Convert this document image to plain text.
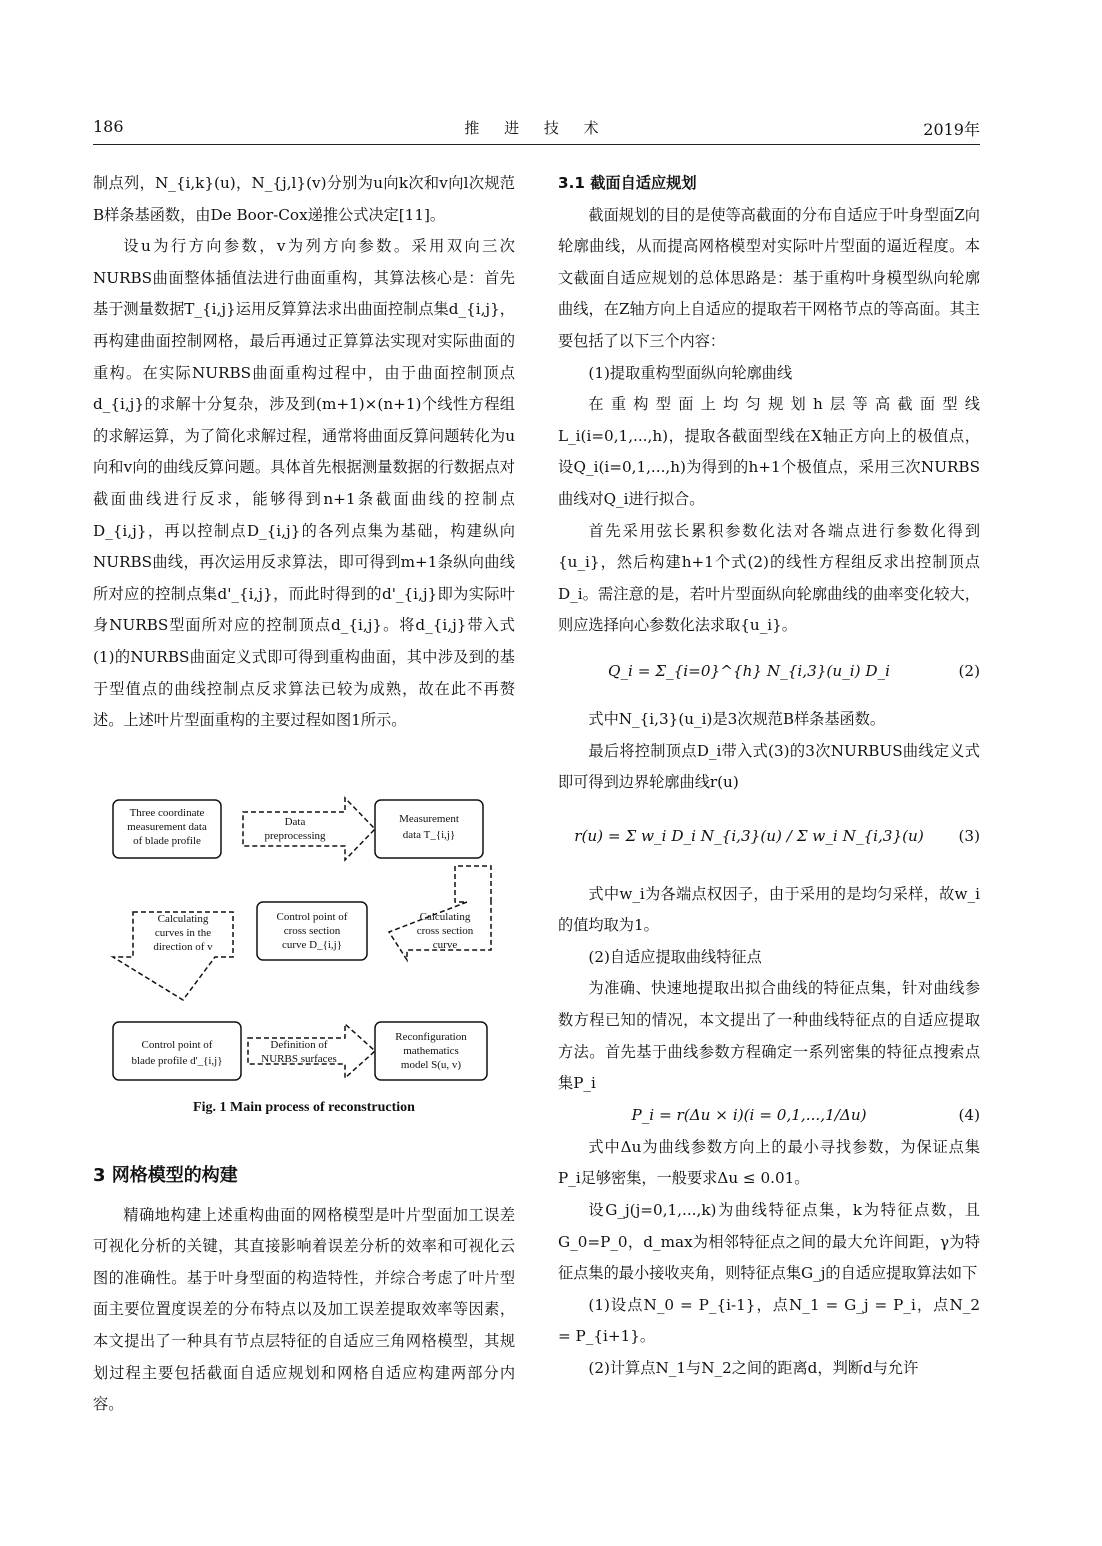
186	推 进 技 术	2019年

制点列，N_{i,k}(u)，N_{j,l}(v)分别为u向k次和v向l次规范B样条基函数，由De Boor-Cox递推公式决定[11]。

设u为行方向参数，v为列方向参数。采用双向三次NURBS曲面整体插值法进行曲面重构，其算法核心是：首先基于测量数据T_{i,j}运用反算算法求出曲面控制点集d_{i,j}，再构建曲面控制网格，最后再通过正算算法实现对实际曲面的重构。在实际NURBS曲面重构过程中，由于曲面控制顶点d_{i,j}的求解十分复杂，涉及到(m+1)×(n+1)个线性方程组的求解运算，为了简化求解过程，通常将曲面反算问题转化为u向和v向的曲线反算问题。具体首先根据测量数据的行数据点对截面曲线进行反求，能够得到n+1条截面曲线的控制点D_{i,j}，再以控制点D_{i,j}的各列点集为基础，构建纵向NURBS曲线，再次运用反求算法，即可得到m+1条纵向曲线所对应的控制点集d'_{i,j}，而此时得到的d'_{i,j}即为实际叶身NURBS型面所对应的控制顶点d_{i,j}。将d_{i,j}带入式(1)的NURBS曲面定义式即可得到重构曲面，其中涉及到的基于型值点的曲线控制点反求算法已较为成熟，故在此不再赘述。上述叶片型面重构的主要过程如图1所示。

Three coordinate
measurement data
of blade profile
Data
preprocessing
Measurement
data T_{i,j}
Calculating
cross section
curve
Control point of
cross section
curve D_{i,j}
Calculating
curves in the
direction of v
Control point of
blade profile d'_{i,j}
Definition of
NURBS surfaces
Reconfiguration
mathematics
model S(u, v)
Fig. 1 Main process of reconstruction

3 网格模型的构建

精确地构建上述重构曲面的网格模型是叶片型面加工误差可视化分析的关键，其直接影响着误差分析的效率和可视化云图的准确性。基于叶身型面的构造特性，并综合考虑了叶片型面主要位置度误差的分布特点以及加工误差提取效率等因素，本文提出了一种具有节点层特征的自适应三角网格模型，其规划过程主要包括截面自适应规划和网格自适应构建两部分内容。

3.1 截面自适应规划

截面规划的目的是使等高截面的分布自适应于叶身型面Z向轮廓曲线，从而提高网格模型对实际叶片型面的逼近程度。本文截面自适应规划的总体思路是：基于重构叶身模型纵向轮廓曲线，在Z轴方向上自适应的提取若干网格节点的等高面。其主要包括了以下三个内容：

(1)提取重构型面纵向轮廓曲线

在重构型面上均匀规划h层等高截面型线L_i(i=0,1,...,h)，提取各截面型线在X轴正方向上的极值点，设Q_i(i=0,1,...,h)为得到的h+1个极值点，采用三次NURBS曲线对Q_i进行拟合。

首先采用弦长累积参数化法对各端点进行参数化得到{u_i}，然后构建h+1个式(2)的线性方程组反求出控制顶点D_i。需注意的是，若叶片型面纵向轮廓曲线的曲率变化较大，则应选择向心参数化法求取{u_i}。

Q_i = Σ_{i=0}^{h} N_{i,3}(u_i) D_i	(2)

式中N_{i,3}(u_i)是3次规范B样条基函数。

最后将控制顶点D_i带入式(3)的3次NURBUS曲线定义式即可得到边界轮廓曲线r(u)

r(u) = Σ w_i D_i N_{i,3}(u) / Σ w_i N_{i,3}(u)	(3)

式中w_i为各端点权因子，由于采用的是均匀采样，故w_i的值均取为1。

(2)自适应提取曲线特征点

为准确、快速地提取出拟合曲线的特征点集，针对曲线参数方程已知的情况，本文提出了一种曲线特征点的自适应提取方法。首先基于曲线参数方程确定一系列密集的特征点搜索点集P_i

P_i = r(Δu × i)(i = 0,1,...,1/Δu)	(4)

式中Δu为曲线参数方向上的最小寻找参数，为保证点集P_i足够密集，一般要求Δu ≤ 0.01。

设G_j(j=0,1,...,k)为曲线特征点集，k为特征点数，且G_0=P_0，d_max为相邻特征点之间的最大允许间距，γ为特征点集的最小接收夹角，则特征点集G_j的自适应提取算法如下

(1)设点N_0 = P_{i-1}，点N_1 = G_j = P_i，点N_2 = P_{i+1}。

(2)计算点N_1与N_2之间的距离d，判断d与允许
